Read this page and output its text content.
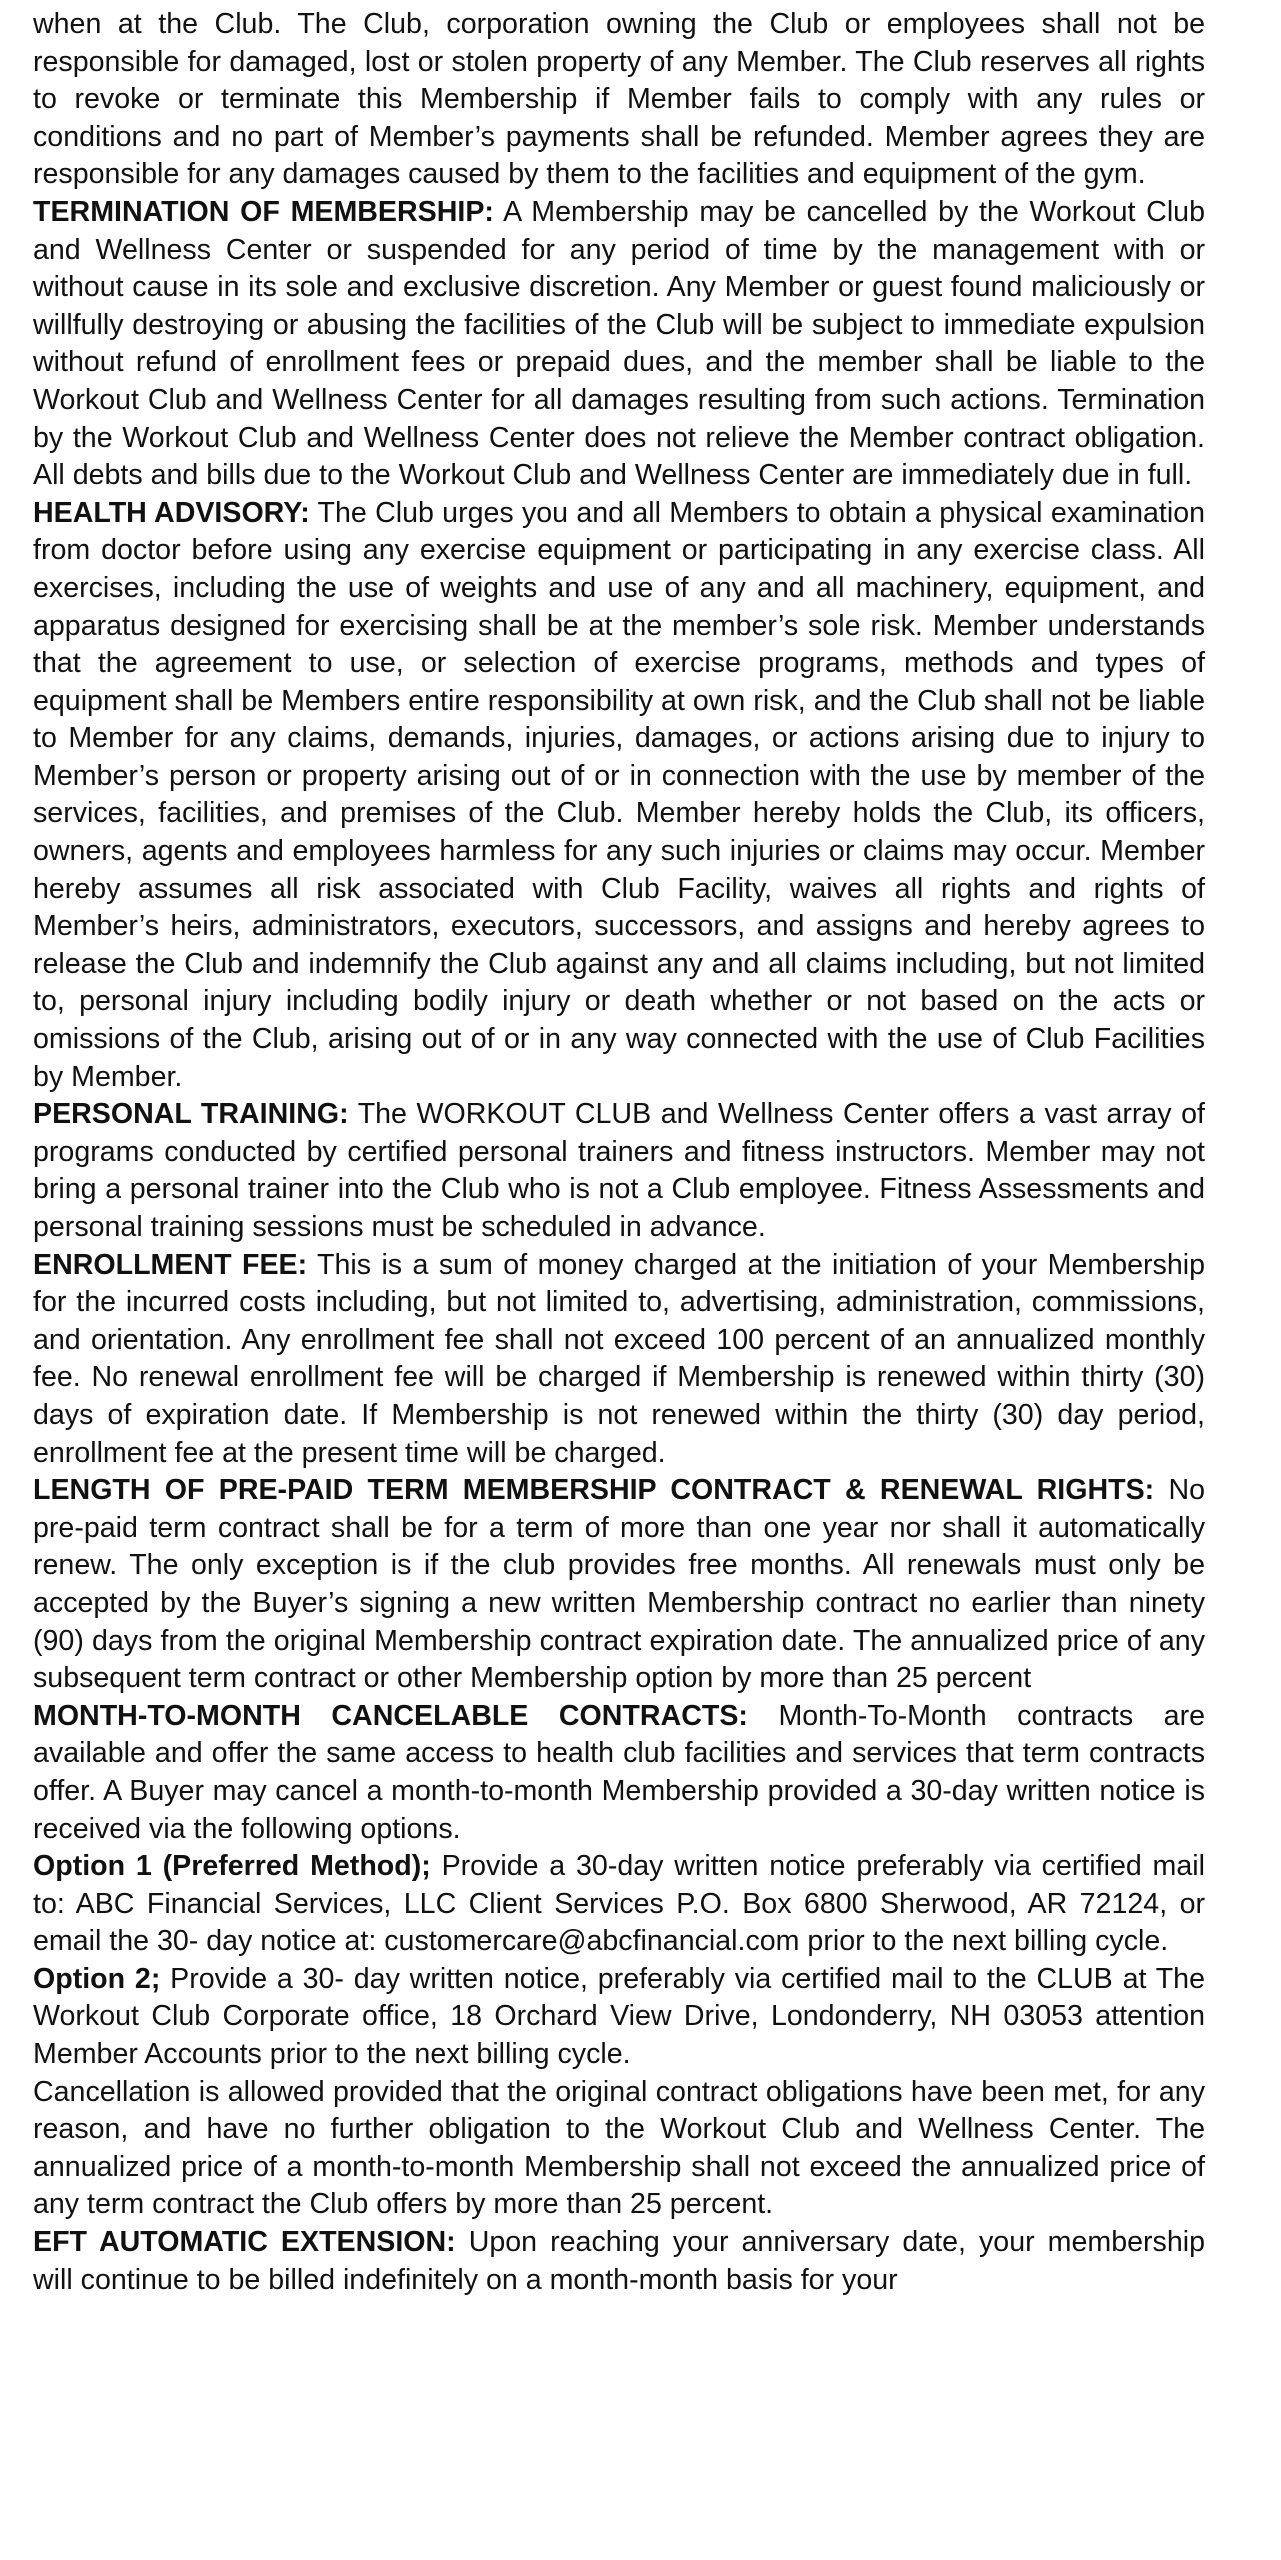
when at the Club. The Club, corporation owning the Club or employees shall not be responsible for damaged, lost or stolen property of any Member. The Club reserves all rights to revoke or terminate this Membership if Member fails to comply with any rules or conditions and no part of Member’s payments shall be refunded. Member agrees they are responsible for any damages caused by them to the facilities and equipment of the gym.

TERMINATION OF MEMBERSHIP: A Membership may be cancelled by the Workout Club and Wellness Center or suspended for any period of time by the management with or without cause in its sole and exclusive discretion. Any Member or guest found maliciously or willfully destroying or abusing the facilities of the Club will be subject to immediate expulsion without refund of enrollment fees or prepaid dues, and the member shall be liable to the Workout Club and Wellness Center for all damages resulting from such actions. Termination by the Workout Club and Wellness Center does not relieve the Member contract obligation. All debts and bills due to the Workout Club and Wellness Center are immediately due in full.

HEALTH ADVISORY: The Club urges you and all Members to obtain a physical examination from doctor before using any exercise equipment or participating in any exercise class. All exercises, including the use of weights and use of any and all machinery, equipment, and apparatus designed for exercising shall be at the member’s sole risk. Member understands that the agreement to use, or selection of exercise programs, methods and types of equipment shall be Members entire responsibility at own risk, and the Club shall not be liable to Member for any claims, demands, injuries, damages, or actions arising due to injury to Member’s person or property arising out of or in connection with the use by member of the services, facilities, and premises of the Club. Member hereby holds the Club, its officers, owners, agents and employees harmless for any such injuries or claims may occur. Member hereby assumes all risk associated with Club Facility, waives all rights and rights of Member’s heirs, administrators, executors, successors, and assigns and hereby agrees to release the Club and indemnify the Club against any and all claims including, but not limited to, personal injury including bodily injury or death whether or not based on the acts or omissions of the Club, arising out of or in any way connected with the use of Club Facilities by Member.

PERSONAL TRAINING: The WORKOUT CLUB and Wellness Center offers a vast array of programs conducted by certified personal trainers and fitness instructors. Member may not bring a personal trainer into the Club who is not a Club employee. Fitness Assessments and personal training sessions must be scheduled in advance.

ENROLLMENT FEE: This is a sum of money charged at the initiation of your Membership for the incurred costs including, but not limited to, advertising, administration, commissions, and orientation. Any enrollment fee shall not exceed 100 percent of an annualized monthly fee. No renewal enrollment fee will be charged if Membership is renewed within thirty (30) days of expiration date. If Membership is not renewed within the thirty (30) day period, enrollment fee at the present time will be charged.

LENGTH OF PRE-PAID TERM MEMBERSHIP CONTRACT & RENEWAL RIGHTS: No pre-paid term contract shall be for a term of more than one year nor shall it automatically renew. The only exception is if the club provides free months. All renewals must only be accepted by the Buyer’s signing a new written Membership contract no earlier than ninety (90) days from the original Membership contract expiration date. The annualized price of any subsequent term contract or other Membership option by more than 25 percent

MONTH-TO-MONTH CANCELABLE CONTRACTS: Month-To-Month contracts are available and offer the same access to health club facilities and services that term contracts offer. A Buyer may cancel a month-to-month Membership provided a 30-day written notice is received via the following options.

Option 1 (Preferred Method); Provide a 30-day written notice preferably via certified mail to: ABC Financial Services, LLC Client Services P.O. Box 6800 Sherwood, AR 72124, or email the 30- day notice at: customercare@abcfinancial.com prior to the next billing cycle.

Option 2; Provide a 30- day written notice, preferably via certified mail to the CLUB at The Workout Club Corporate office, 18 Orchard View Drive, Londonderry, NH 03053 attention Member Accounts prior to the next billing cycle.

Cancellation is allowed provided that the original contract obligations have been met, for any reason, and have no further obligation to the Workout Club and Wellness Center. The annualized price of a month-to-month Membership shall not exceed the annualized price of any term contract the Club offers by more than 25 percent.

EFT AUTOMATIC EXTENSION: Upon reaching your anniversary date, your membership will continue to be billed indefinitely on a month-month basis for your
